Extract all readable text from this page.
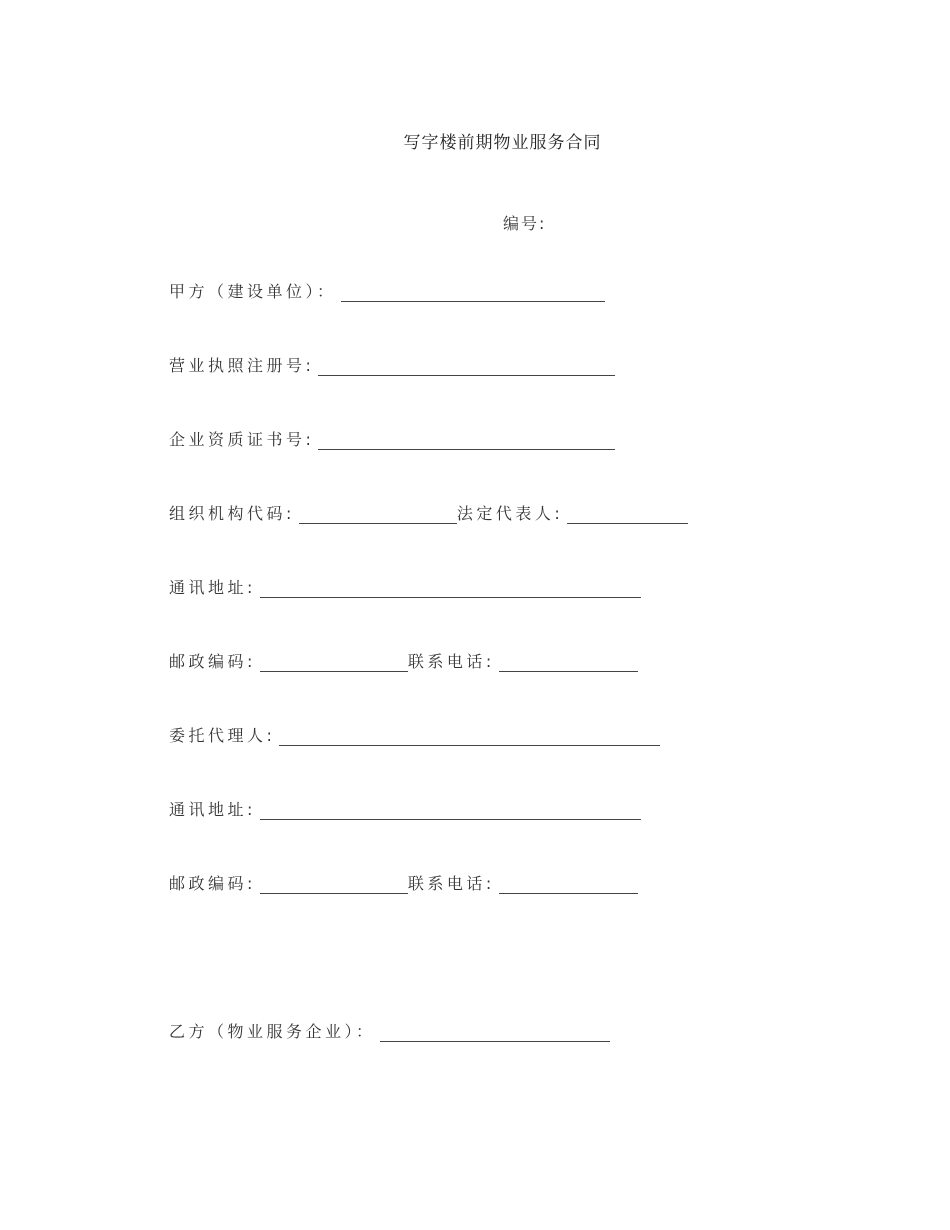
写字楼前期物业服务合同
编号:
甲方（建设单位）：
营业执照注册号:
企业资质证书号:
组织机构代码:	法定代表人:
通讯地址:
邮政编码:	联系电话:
委托代理人:
通讯地址:
邮政编码:	联系电话:
乙方（物业服务企业）：
